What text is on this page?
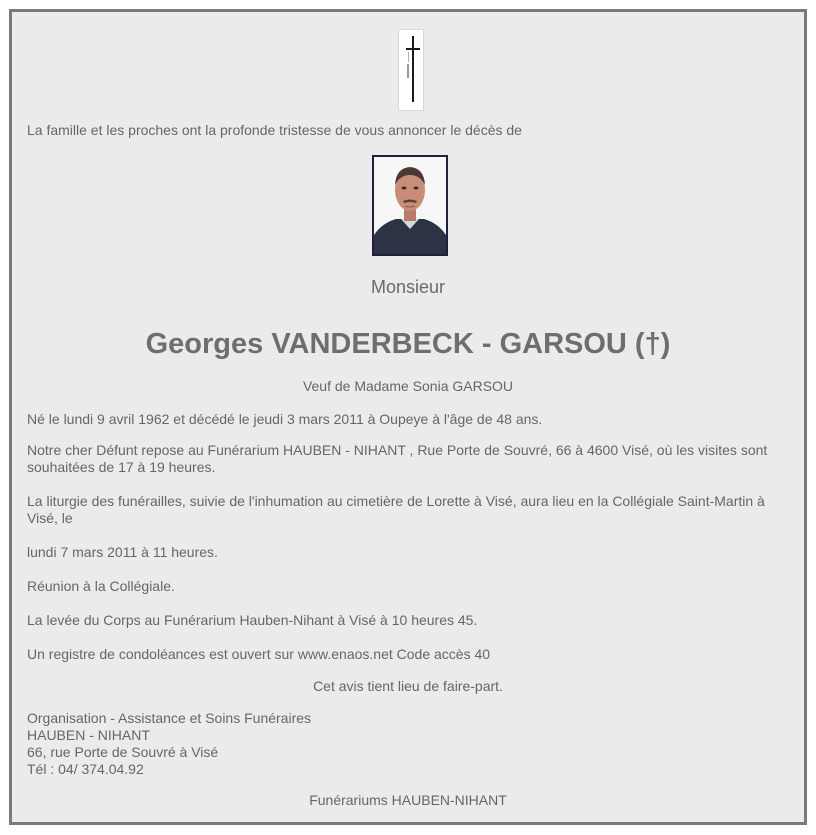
La famille et les proches ont la profonde tristesse de vous annoncer le décès de
Monsieur
Georges VANDERBECK - GARSOU (†)
Veuf de Madame Sonia GARSOU
Né le lundi 9 avril 1962 et décédé le jeudi 3 mars 2011 à Oupeye à l'âge de 48 ans.
Notre cher Défunt repose au Funérarium HAUBEN - NIHANT , Rue Porte de Souvré, 66 à 4600 Visé, où les visites sont souhaitées de 17 à 19 heures.
La liturgie des funérailles, suivie de l'inhumation au cimetière de Lorette à Visé, aura lieu en la Collégiale Saint-Martin à Visé, le
lundi 7 mars 2011 à 11 heures.
Réunion à la Collégiale.
La levée du Corps au Funérarium Hauben-Nihant à Visé à 10 heures 45.
Un registre de condoléances est ouvert sur www.enaos.net Code accès 40
Cet avis tient lieu de faire-part.
Organisation - Assistance et Soins Funéraires
HAUBEN - NIHANT
66, rue Porte de Souvré à Visé
Tél : 04/ 374.04.92
Funérariums HAUBEN-NIHANT
